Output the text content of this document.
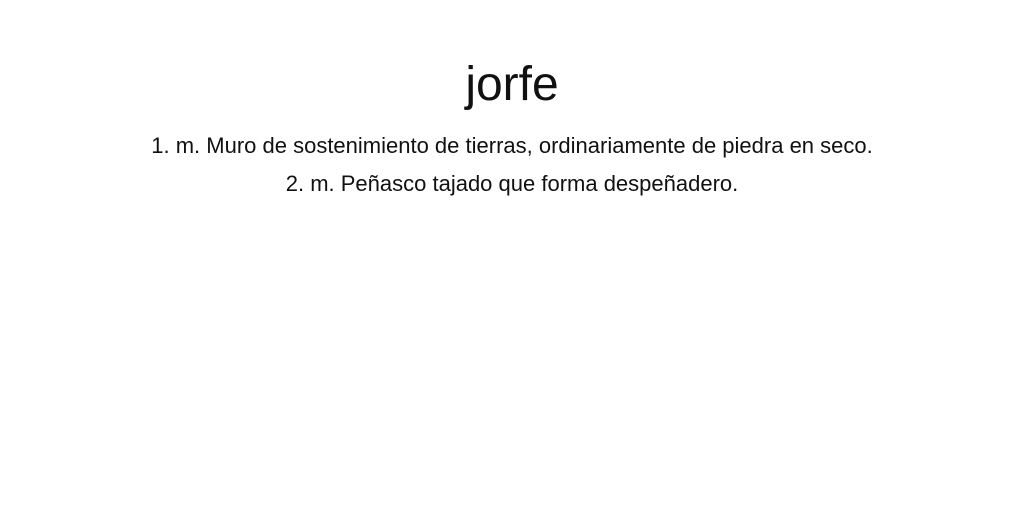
jorfe
1. m. Muro de sostenimiento de tierras, ordinariamente de piedra en seco.
2. m. Peñasco tajado que forma despeñadero.
